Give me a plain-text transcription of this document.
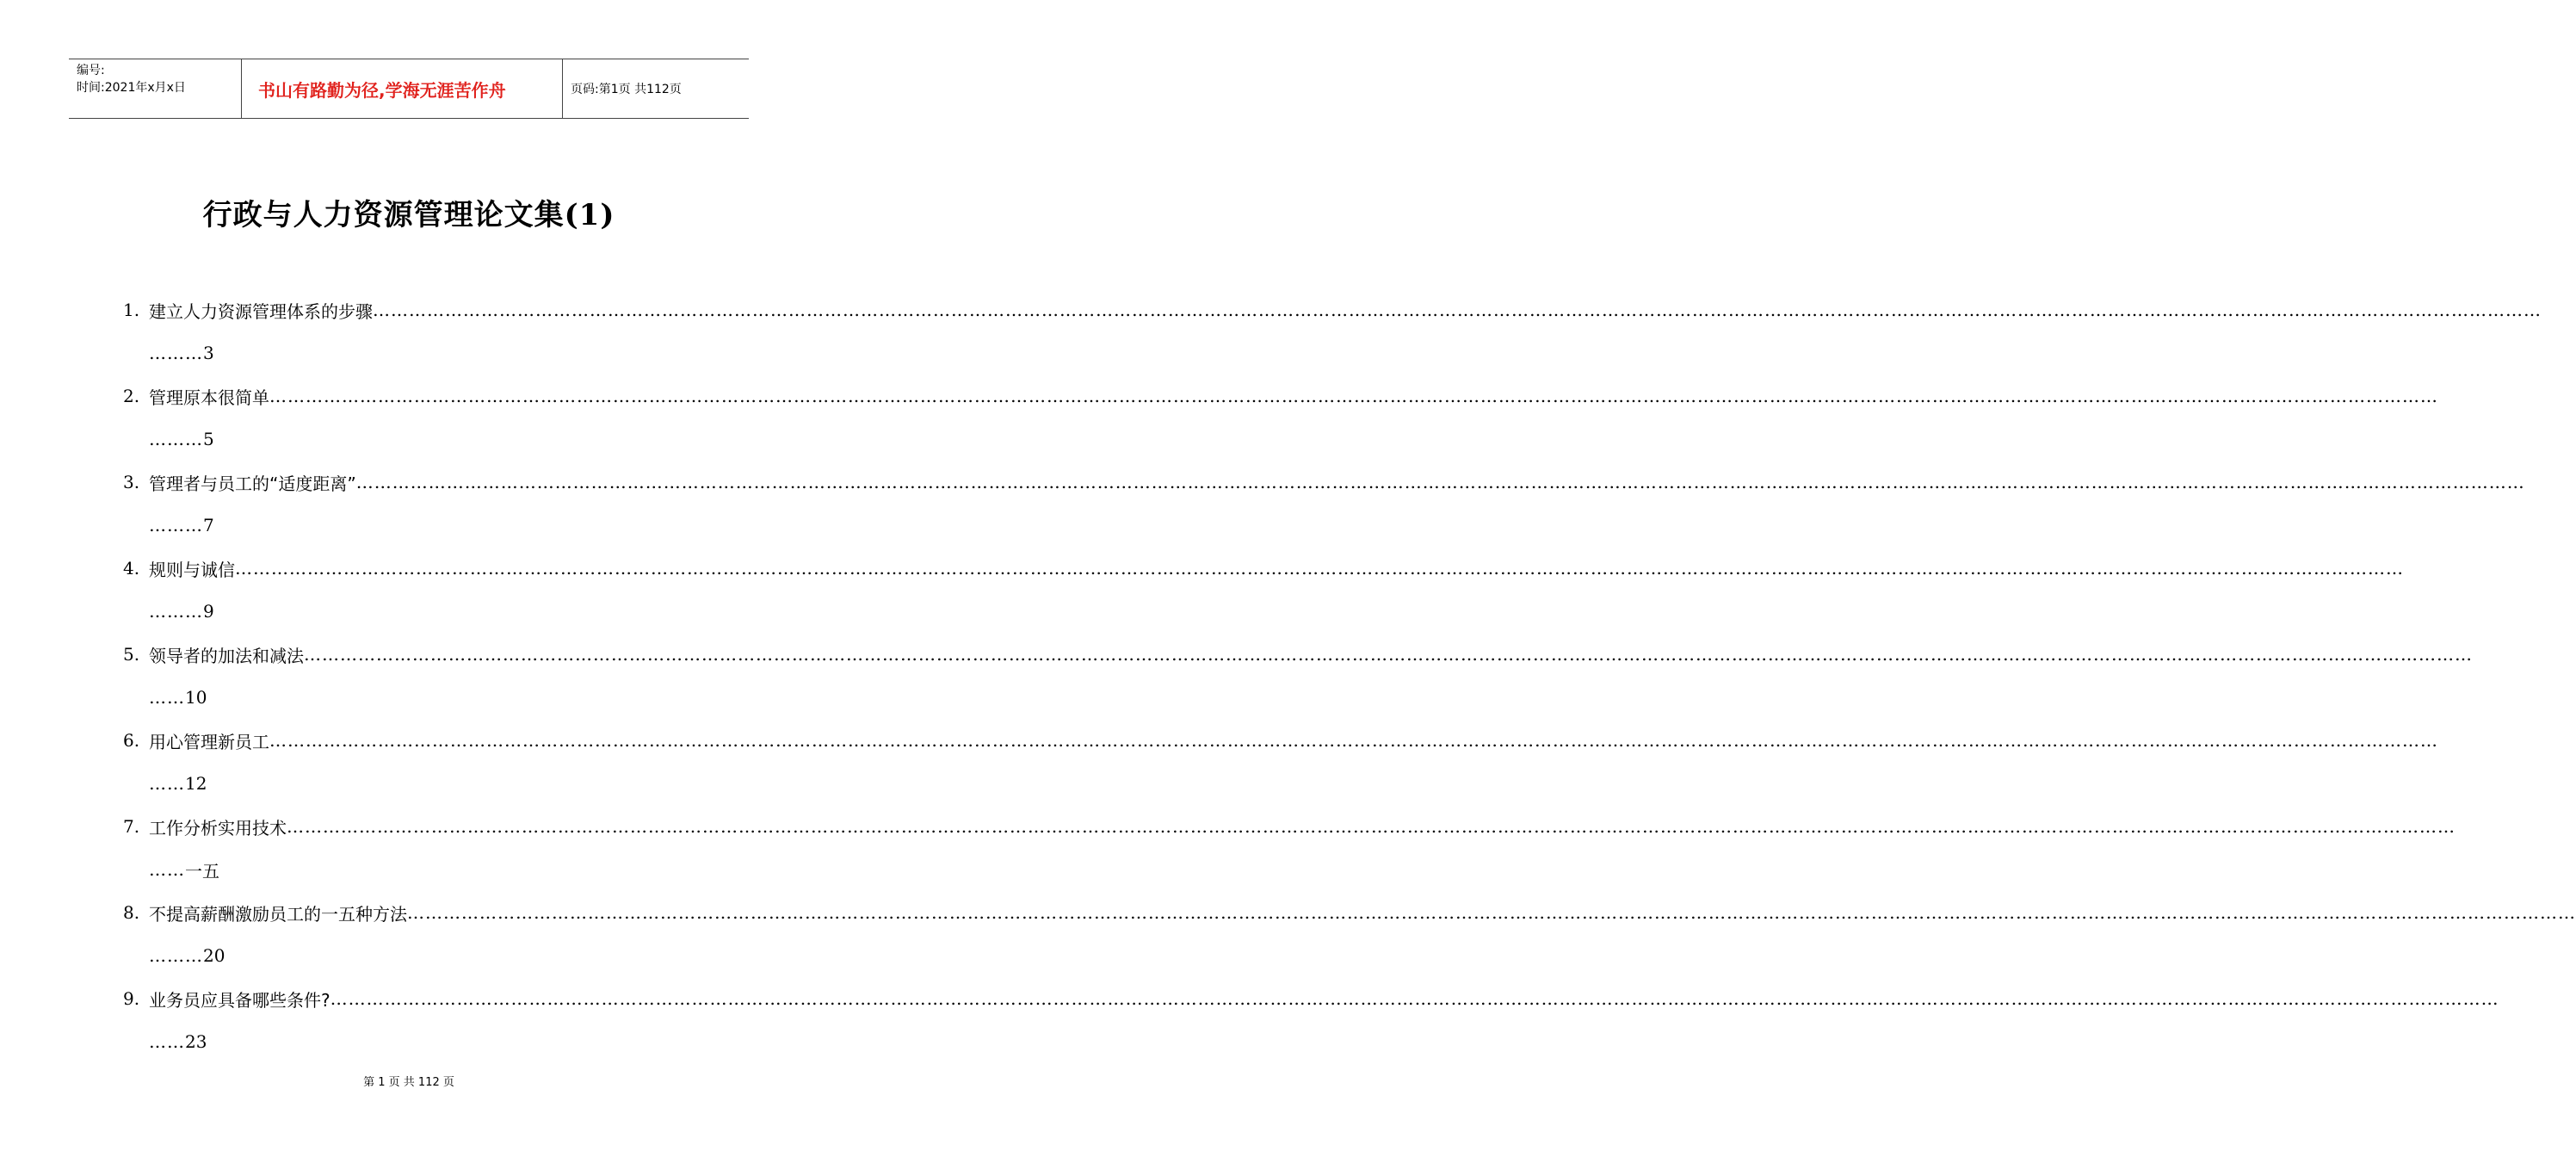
编号:
时间:2021年x月x日	书山有路勤为径,学海无涯苦作舟	页码:第1页 共112页
行政与人力资源管理论文集(1)
1. 建立人力资源管理体系的步骤 ………………………………………………………………………………………………………………………………………………………………………………………………………………………………………………………………………………………………………………………………
……… 3
2. 管理原本很简单 ………………………………………………………………………………………………………………………………………………………………………………………………………………………………………………………………………………………………………………………………
……… 5
3. 管理者与员工的“适度距离” ………………………………………………………………………………………………………………………………………………………………………………………………………………………………………………………………………………………………………………………………
……… 7
4. 规则与诚信 ………………………………………………………………………………………………………………………………………………………………………………………………………………………………………………………………………………………………………………………………
……… 9
5. 领导者的加法和减法 ………………………………………………………………………………………………………………………………………………………………………………………………………………………………………………………………………………………………………………………………
…… 10
6. 用心管理新员工 ………………………………………………………………………………………………………………………………………………………………………………………………………………………………………………………………………………………………………………………………
…… 12
7. 工作分析实用技术 ………………………………………………………………………………………………………………………………………………………………………………………………………………………………………………………………………………………………………………………………
…… 一五
8. 不提高薪酬激励员工的一五种方法 ………………………………………………………………………………………………………………………………………………………………………………………………………………………………………………………………………………………………………………………………
……… 20
9. 业务员应具备哪些条件? ………………………………………………………………………………………………………………………………………………………………………………………………………………………………………………………………………………………………………………………………
…… 23
第 1 页 共 112 页
